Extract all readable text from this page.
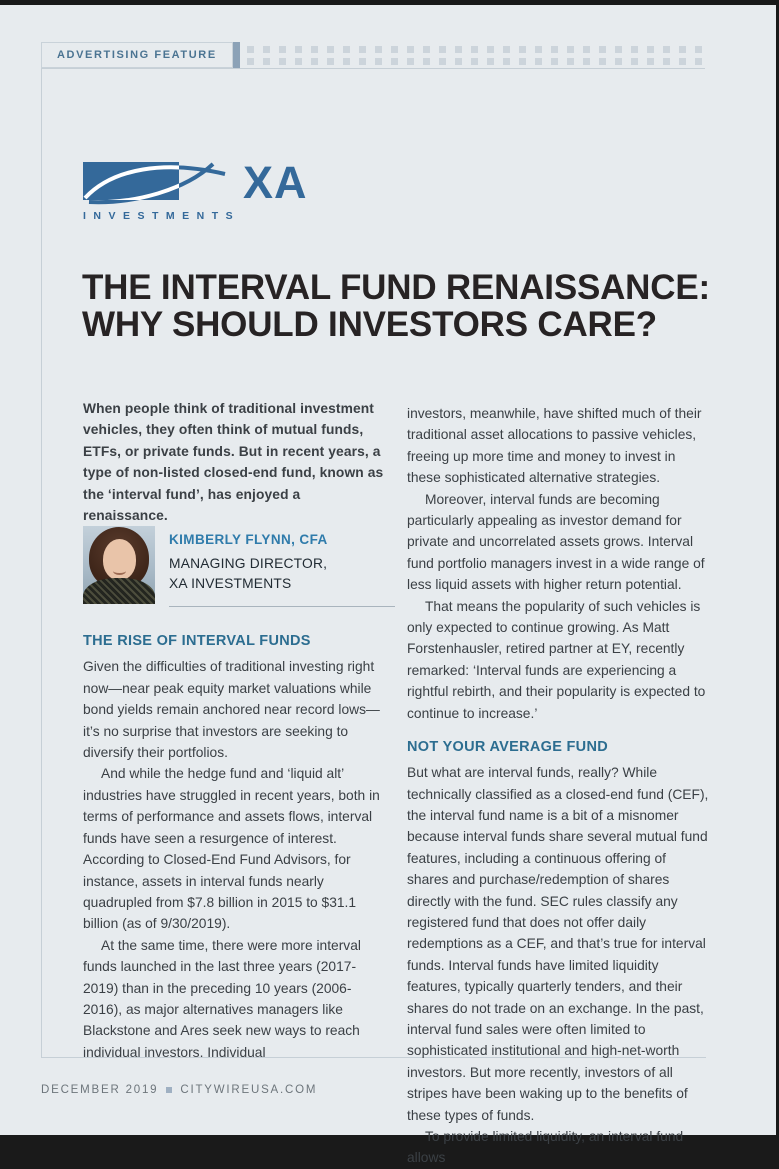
ADVERTISING FEATURE
XA
INVESTMENTS
THE INTERVAL FUND RENAISSANCE:
WHY SHOULD INVESTORS CARE?

When people think of traditional investment vehicles, they often think of mutual funds, ETFs, or private funds. But in recent years, a type of non-listed closed-end fund, known as the ‘interval fund’, has enjoyed a renaissance.

KIMBERLY FLYNN, CFA
MANAGING DIRECTOR,
XA INVESTMENTS
THE RISE OF INTERVAL FUNDS

Given the difficulties of traditional investing right now—near peak equity market valuations while bond yields remain anchored near record lows—it’s no surprise that investors are seeking to diversify their portfolios.

And while the hedge fund and ‘liquid alt’ industries have struggled in recent years, both in terms of performance and assets flows, interval funds have seen a resurgence of interest. According to Closed-End Fund Advisors, for instance, assets in interval funds nearly quadrupled from $7.8 billion in 2015 to $31.1 billion (as of 9/30/2019).

At the same time, there were more interval funds launched in the last three years (2017-2019) than in the preceding 10 years (2006-2016), as major alternatives managers like Blackstone and Ares seek new ways to reach individual investors. Individual

investors, meanwhile, have shifted much of their traditional asset allocations to passive vehicles, freeing up more time and money to invest in these sophisticated alternative strategies.

Moreover, interval funds are becoming particularly appealing as investor demand for private and uncorrelated assets grows. Interval fund portfolio managers invest in a wide range of less liquid assets with higher return potential.

That means the popularity of such vehicles is only expected to continue growing. As Matt Forstenhausler, retired partner at EY, recently remarked: ‘Interval funds are experiencing a rightful rebirth, and their popularity is expected to continue to increase.’

NOT YOUR AVERAGE FUND

But what are interval funds, really? While technically classified as a closed-end fund (CEF), the interval fund name is a bit of a misnomer because interval funds share several mutual fund features, including a continuous offering of shares and purchase/redemption of shares directly with the fund. SEC rules classify any registered fund that does not offer daily redemptions as a CEF, and that’s true for interval funds. Interval funds have limited liquidity features, typically quarterly tenders, and their shares do not trade on an exchange. In the past, interval fund sales were often limited to sophisticated institutional and high-net-worth investors. But more recently, investors of all stripes have been waking up to the benefits of these types of funds.

To provide limited liquidity, an interval fund allows

DECEMBER 2019 CITYWIREUSA.COM
